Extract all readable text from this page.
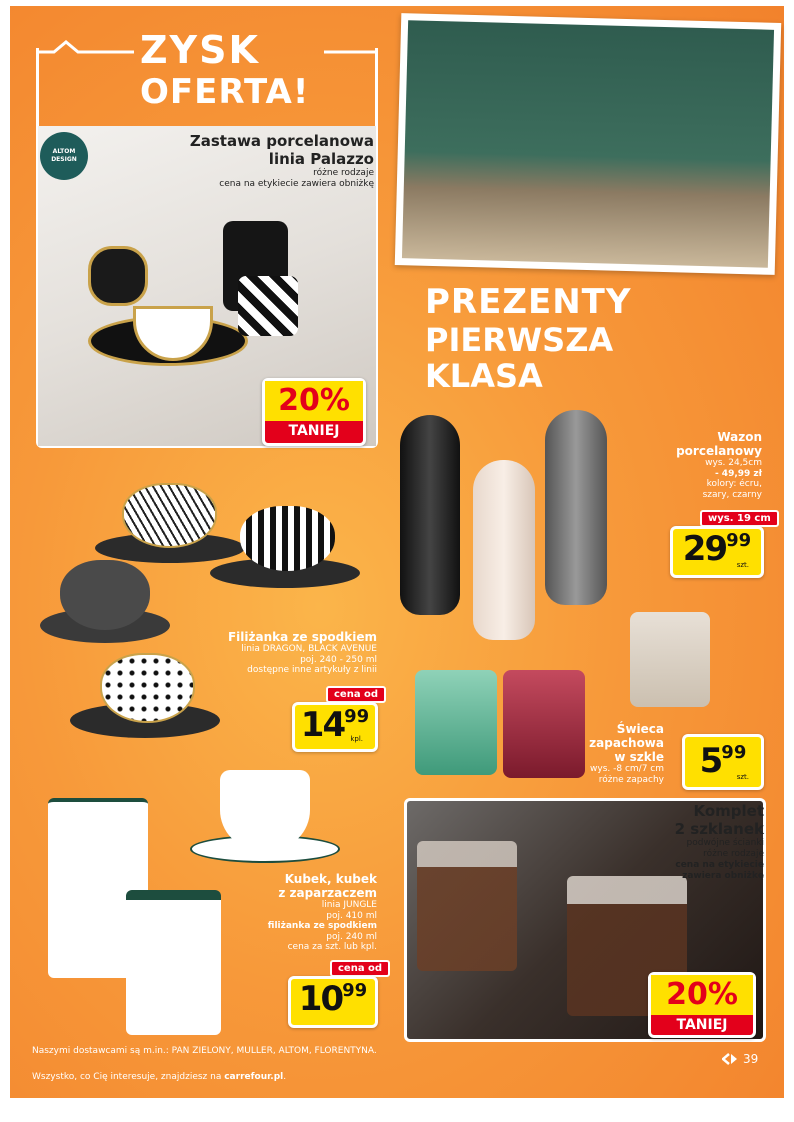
ZYSK
OFERTA!
ALTOM DESIGN
Zastawa porcelanowa
linia Palazzo
różne rodzaje
cena na etykiecie zawiera obniżkę
20%
TANIEJ
PREZENTY
PIERWSZA
KLASA
Wazon
porcelanowy
wys. 24,5cm
- 49,99 zł
kolory: écru,
szary, czarny
wys. 19 cm
$29^{99}$
szt.
Filiżanka ze spodkiem
linia DRAGON, BLACK AVENUE
poj. 240 - 250 ml
dostępne inne artykuły z linii
cena od
$14^{99}$
kpl.
Świeca
zapachowa
w szkle
wys. -8 cm/7 cm
różne zapachy	$5^{99}$
szt.
Kubek, kubek
z zaparzaczem
linia JUNGLE
poj. 410 ml
filiżanka ze spodkiem
poj. 240 ml
cena za szt. lub kpl.
cena od
$10^{99}$
Komplet
2 szklanek
podwójne ścianki
różne rodzaje
cena na etykiecie
zawiera obniżkę
20%
TANIEJ
Naszymi dostawcami są m.in.: PAN ZIELONY, MULLER, ALTOM, FLORENTYNA.
Wszystko, co Cię interesuje, znajdziesz na carrefour.pl.
39
